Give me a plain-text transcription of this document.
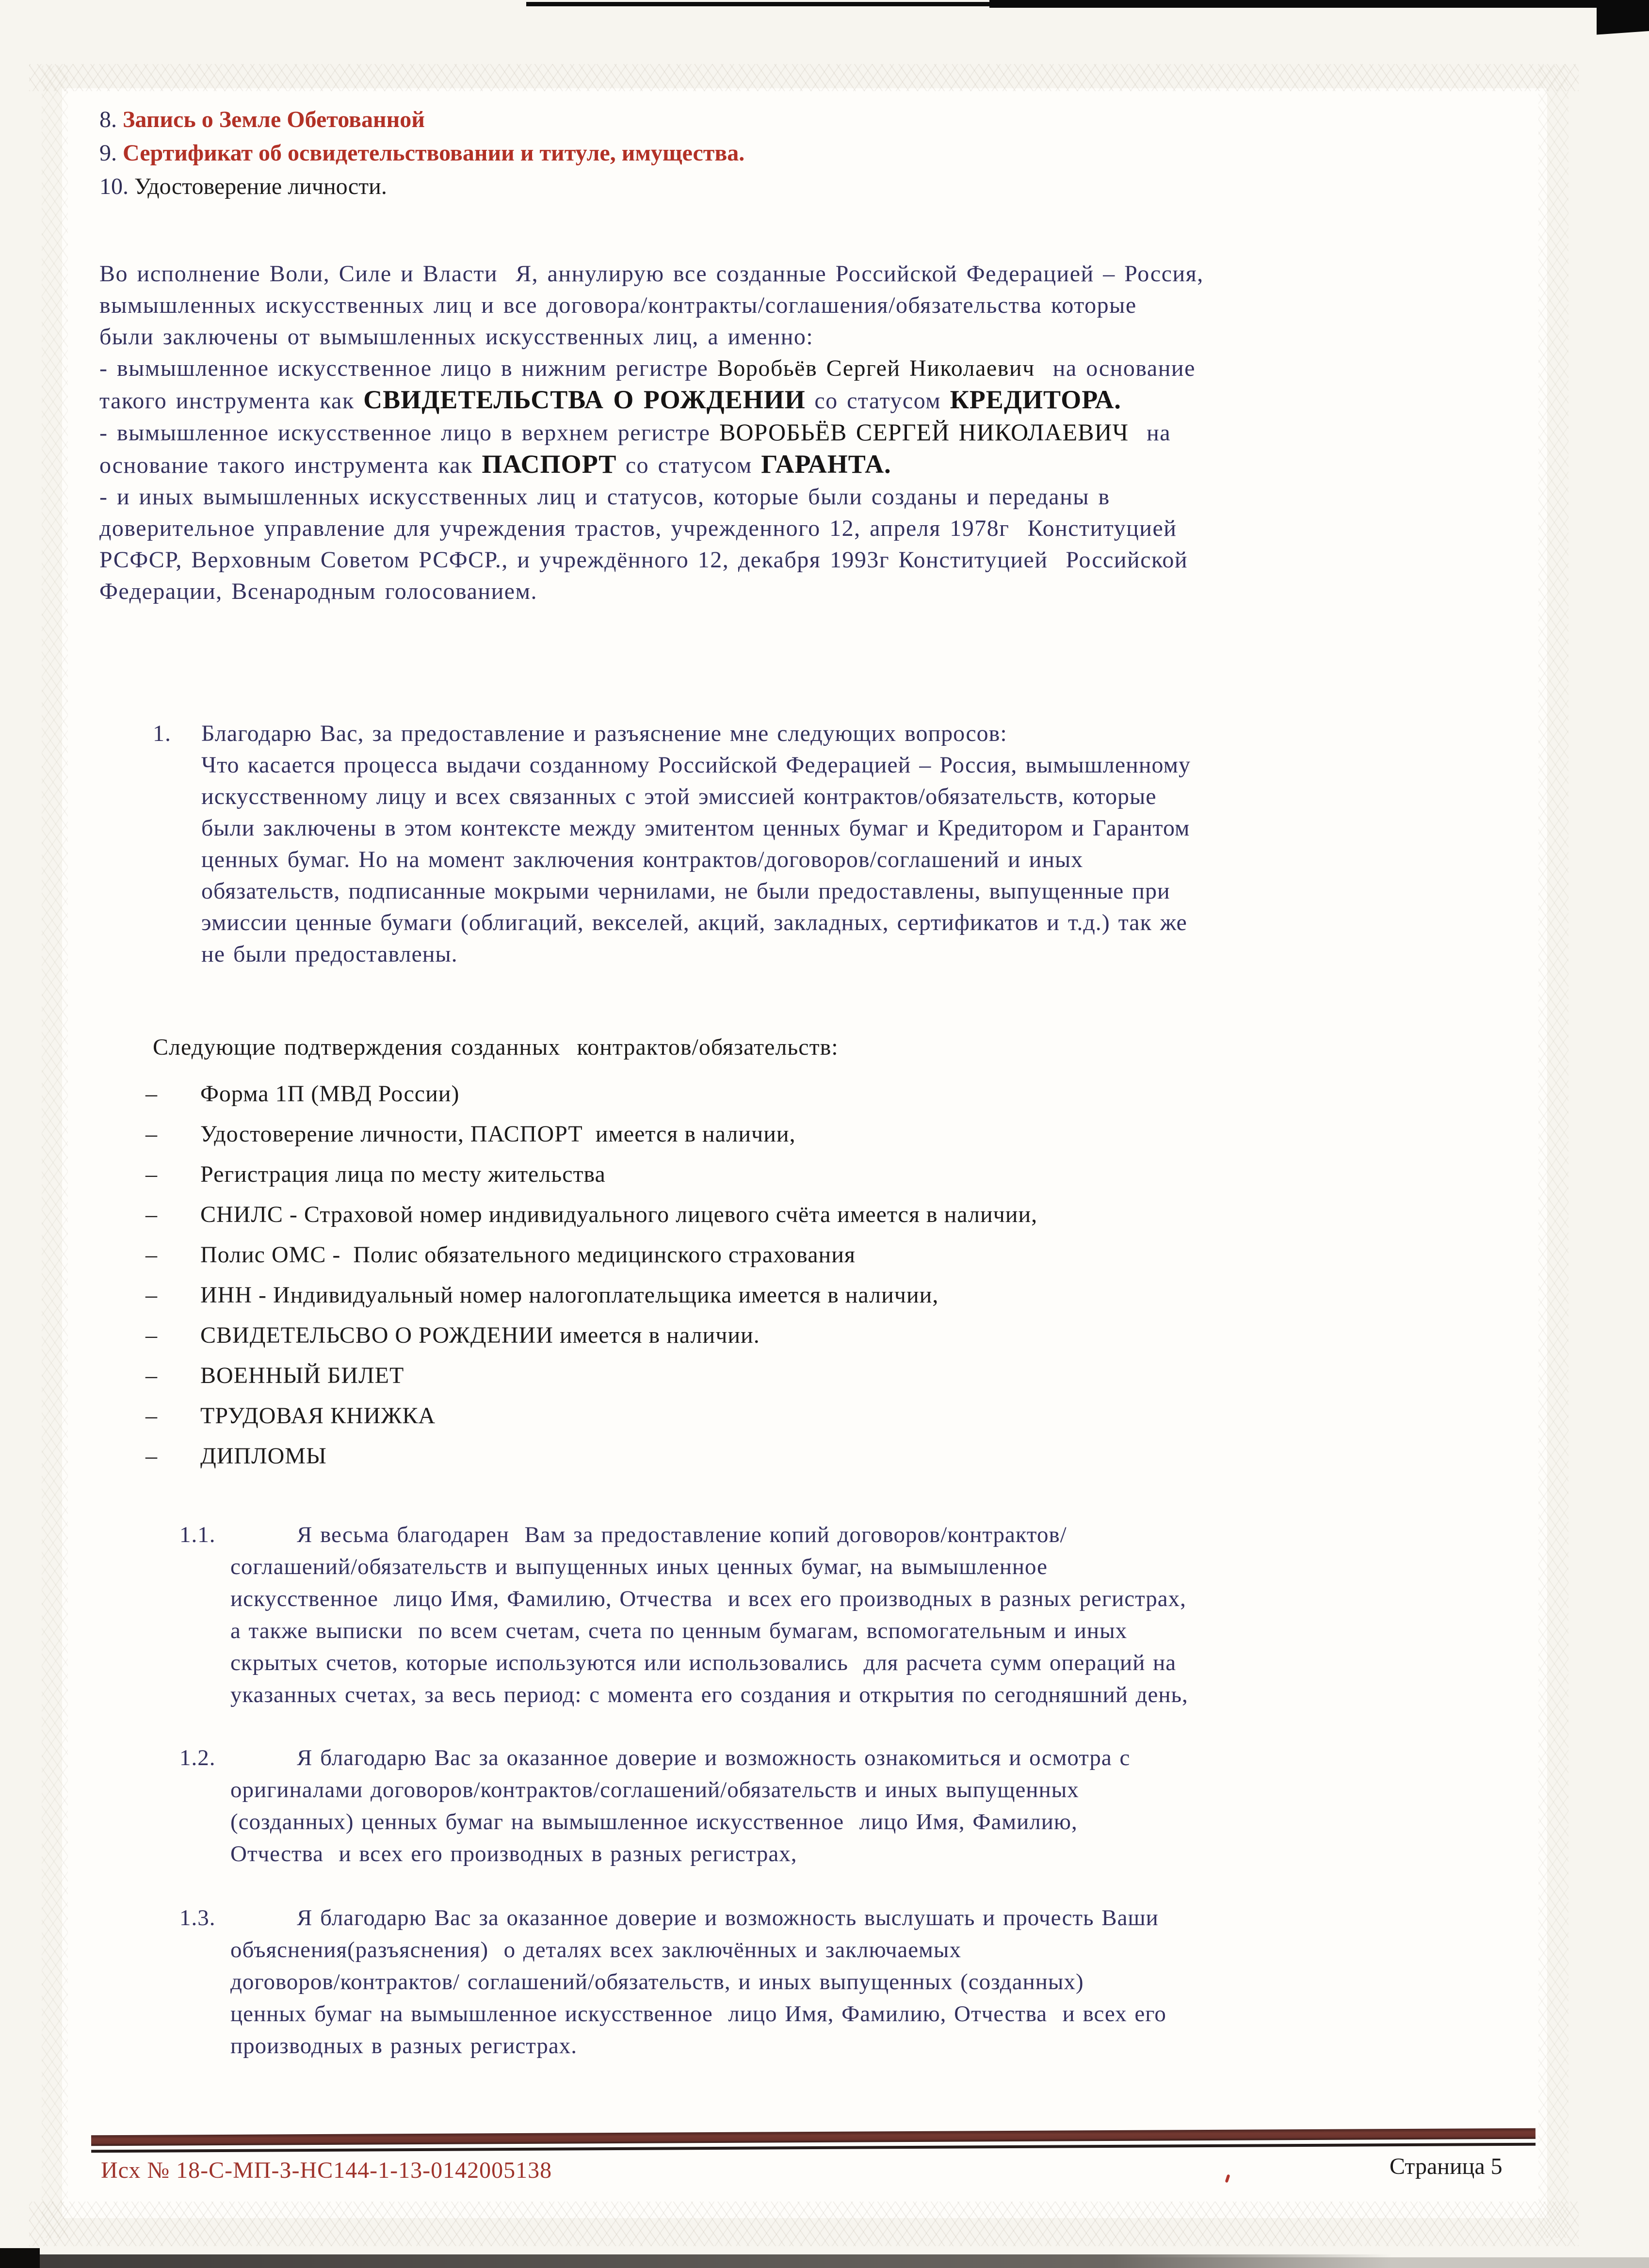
8. Запись о Земле Обетованной
9. Сертификат об освидетельствовании и титуле, имущества.
10. Удостоверение личности.
Во исполнение Воли, Силе и Власти  Я, аннулирую все созданные Российской Федерацией – Россия,
вымышленных искусственных лиц и все договора/контракты/соглашения/обязательства которые
были заключены от вымышленных искусственных лиц, а именно:
- вымышленное искусственное лицо в нижним регистре Воробьёв Сергей Николаевич  на основание
такого инструмента как СВИДЕТЕЛЬСТВА О РОЖДЕНИИ со статусом КРЕДИТОРА.
- вымышленное искусственное лицо в верхнем регистре ВОРОБЬЁВ СЕРГЕЙ НИКОЛАЕВИЧ  на
основание такого инструмента как ПАСПОРТ со статусом ГАРАНТА.
- и иных вымышленных искусственных лиц и статусов, которые были созданы и переданы в
доверительное управление для учреждения трастов, учрежденного 12, апреля 1978г  Конституцией
РСФСР, Верховным Советом РСФСР., и учреждённого 12, декабря 1993г Конституцией  Российской
Федерации, Всенародным голосованием.
1. Благодарю Вас, за предоставление и разъяснение мне следующих вопросов:
Что касается процесса выдачи созданному Российской Федерацией – Россия, вымышленному
искусственному лицу и всех связанных с этой эмиссией контрактов/обязательств, которые
были заключены в этом контексте между эмитентом ценных бумаг и Кредитором и Гарантом
ценных бумаг. Но на момент заключения контрактов/договоров/соглашений и иных
обязательств, подписанные мокрыми чернилами, не были предоставлены, выпущенные при
эмиссии ценные бумаги (облигаций, векселей, акций, закладных, сертификатов и т.д.) так же
не были предоставлены.
Следующие подтверждения созданных  контрактов/обязательств:
– Форма 1П (МВД России)
– Удостоверение личности, ПАСПОРТ  имеется в наличии,
– Регистрация лица по месту жительства
– СНИЛС - Страховой номер индивидуального лицевого счёта имеется в наличии,
– Полис ОМС -  Полис обязательного медицинского страхования
– ИНН - Индивидуальный номер налогоплательщика имеется в наличии,
– СВИДЕТЕЛЬСВО О РОЖДЕНИИ имеется в наличии.
– ВОЕННЫЙ БИЛЕТ
– ТРУДОВАЯ КНИЖКА
– ДИПЛОМЫ
1.1.	Я весьма благодарен  Вам за предоставление копий договоров/контрактов/
соглашений/обязательств и выпущенных иных ценных бумаг, на вымышленное
искусственное  лицо Имя, Фамилию, Отчества  и всех его производных в разных регистрах,
а также выписки  по всем счетам, счета по ценным бумагам, вспомогательным и иных
скрытых счетов, которые используются или использовались  для расчета сумм операций на
указанных счетах, за весь период: с момента его создания и открытия по сегодняшний день,
1.2.	Я благодарю Вас за оказанное доверие и возможность ознакомиться и осмотра с
оригиналами договоров/контрактов/соглашений/обязательств и иных выпущенных
(созданных) ценных бумаг на вымышленное искусственное  лицо Имя, Фамилию,
Отчества  и всех его производных в разных регистрах,
1.3.	Я благодарю Вас за оказанное доверие и возможность выслушать и прочесть Ваши
объяснения(разъяснения)  о деталях всех заключённых и заключаемых
договоров/контрактов/ соглашений/обязательств, и иных выпущенных (созданных)
ценных бумаг на вымышленное искусственное  лицо Имя, Фамилию, Отчества  и всех его
производных в разных регистрах.
Исх № 18-С-МП-З-НС144-1-13-0142005138	Страница 5
